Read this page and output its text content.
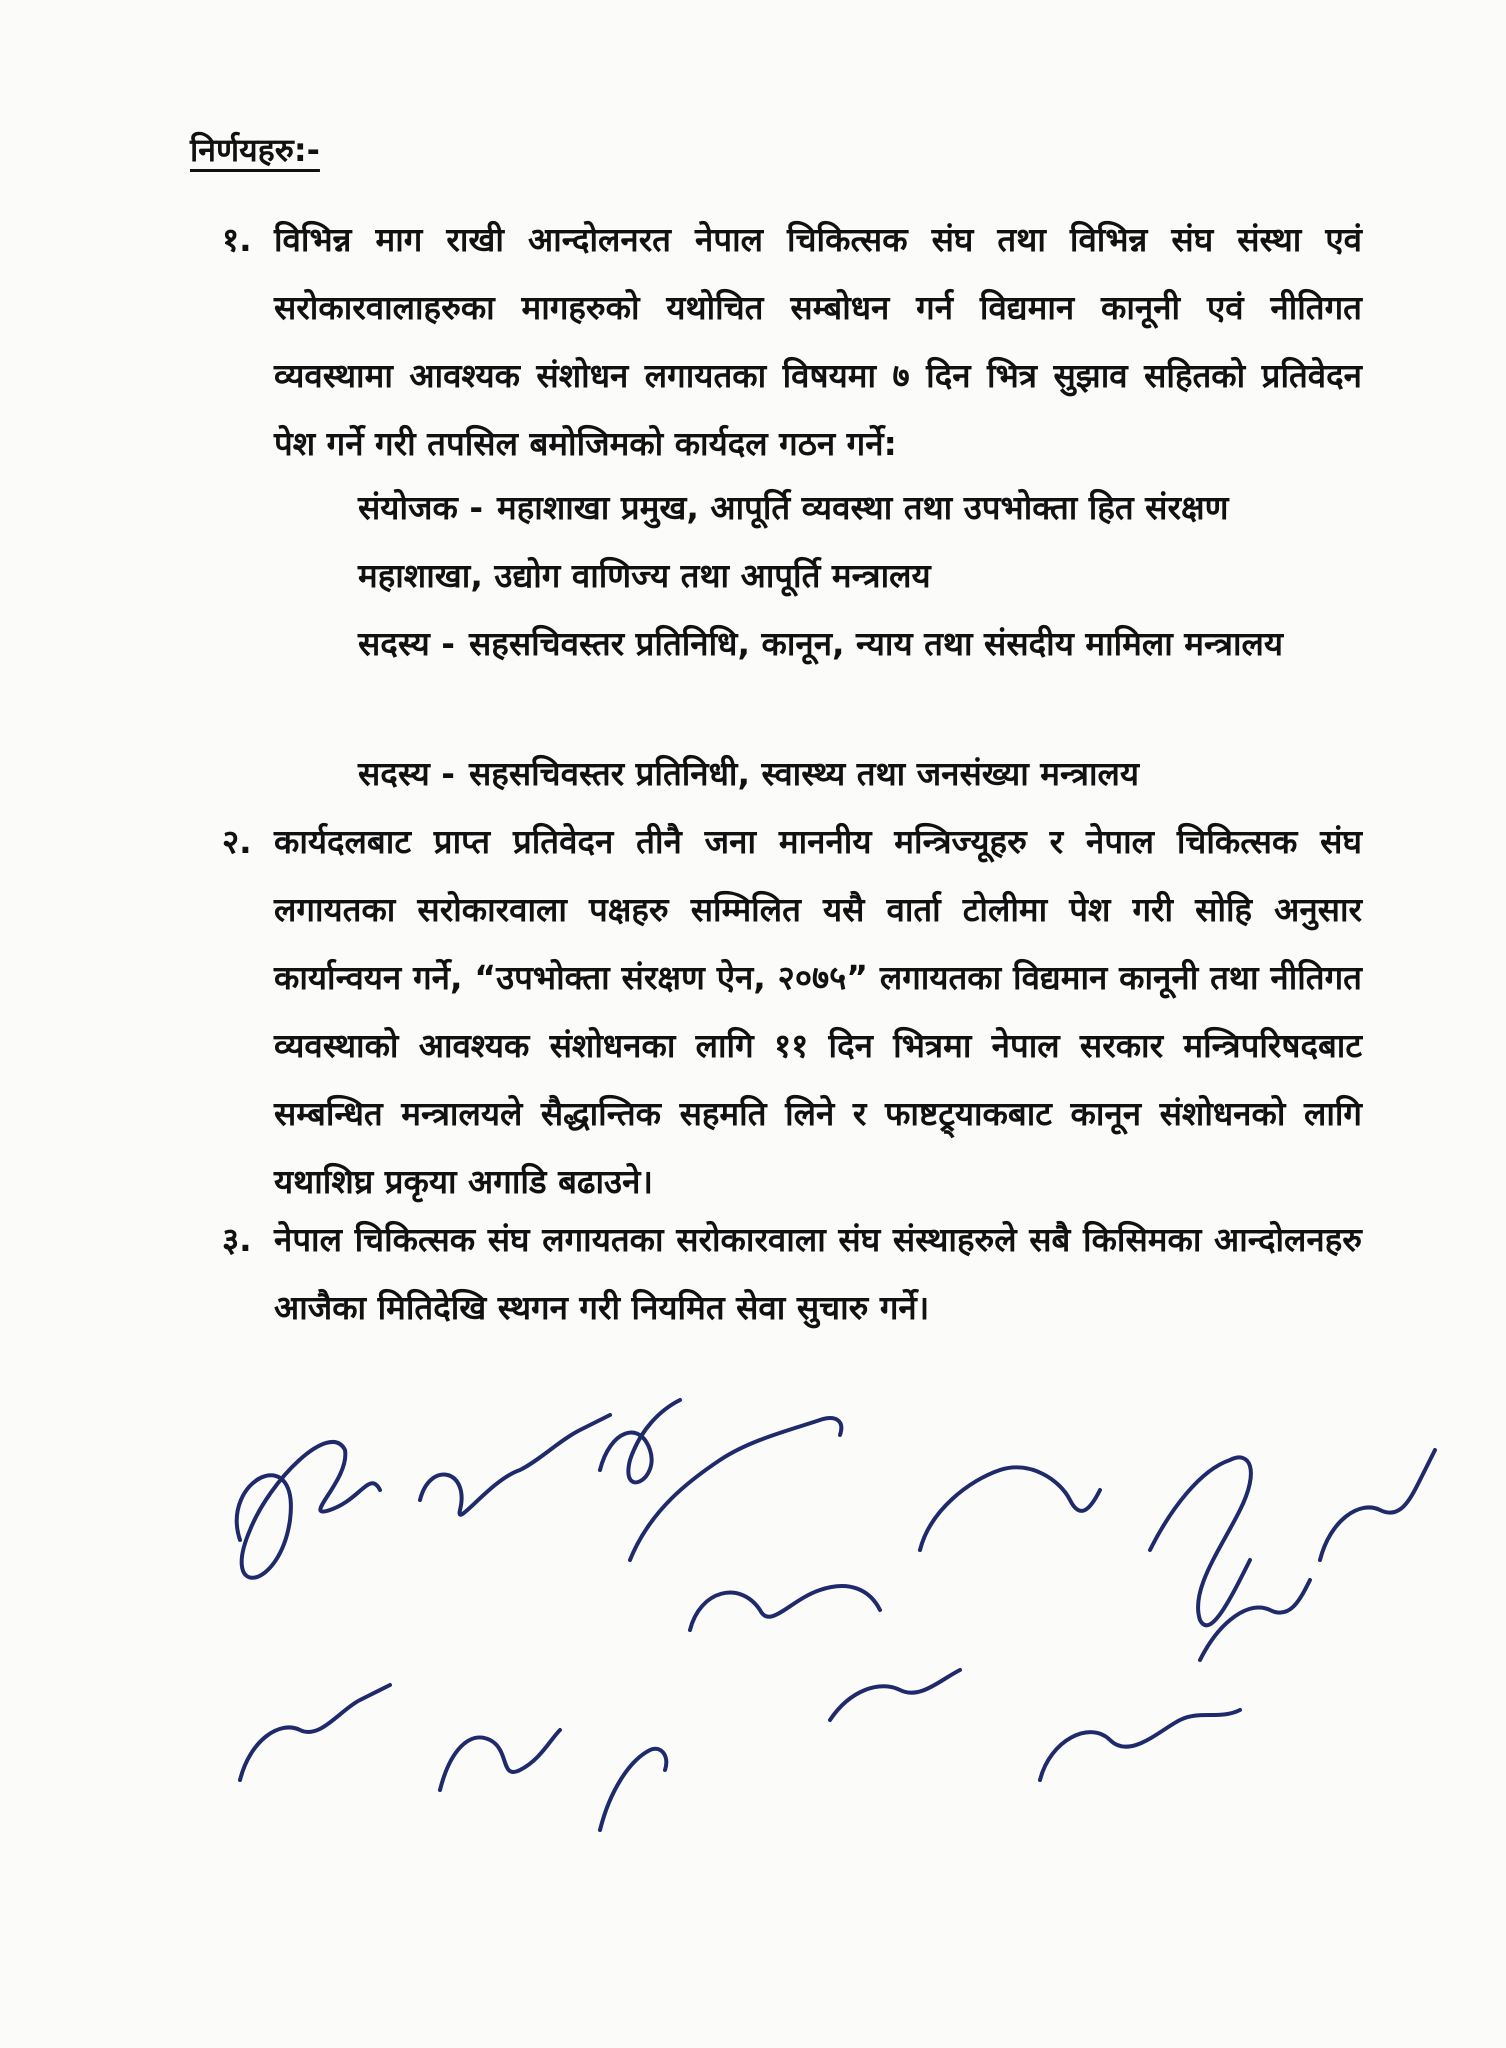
निर्णयहरु:-
१. विभिन्न माग राखी आन्दोलनरत नेपाल चिकित्सक संघ तथा विभिन्न संघ संस्था एवं सरोकारवालाहरुका मागहरुको यथोचित सम्बोधन गर्न विद्यमान कानूनी एवं नीतिगत व्यवस्थामा आवश्यक संशोधन लगायतका विषयमा ७ दिन भित्र सुझाव सहितको प्रतिवेदन पेश गर्ने गरी तपसिल बमोजिमको कार्यदल गठन गर्ने:
संयोजक - महाशाखा प्रमुख, आपूर्ति व्यवस्था तथा उपभोक्ता हित संरक्षण महाशाखा, उद्योग वाणिज्य तथा आपूर्ति मन्त्रालय
सदस्य - सहसचिवस्तर प्रतिनिधि, कानून, न्याय तथा संसदीय मामिला मन्त्रालय
सदस्य - सहसचिवस्तर प्रतिनिधी, स्वास्थ्य तथा जनसंख्या मन्त्रालय
२. कार्यदलबाट प्राप्त प्रतिवेदन तीनै जना माननीय मन्त्रिज्यूहरु र नेपाल चिकित्सक संघ लगायतका सरोकारवाला पक्षहरु सम्मिलित यसै वार्ता टोलीमा पेश गरी सोहि अनुसार कार्यान्वयन गर्ने, “उपभोक्ता संरक्षण ऐन, २०७५” लगायतका विद्यमान कानूनी तथा नीतिगत व्यवस्थाको आवश्यक संशोधनका लागि ११ दिन भित्रमा नेपाल सरकार मन्त्रिपरिषदबाट सम्बन्धित मन्त्रालयले सैद्धान्तिक सहमति लिने र फाष्टट्र्याकबाट कानून संशोधनको लागि यथाशिघ्र प्रकृया अगाडि बढाउने।
३. नेपाल चिकित्सक संघ लगायतका सरोकारवाला संघ संस्थाहरुले सबै किसिमका आन्दोलनहरु आजैका मितिदेखि स्थगन गरी नियमित सेवा सुचारु गर्ने।
